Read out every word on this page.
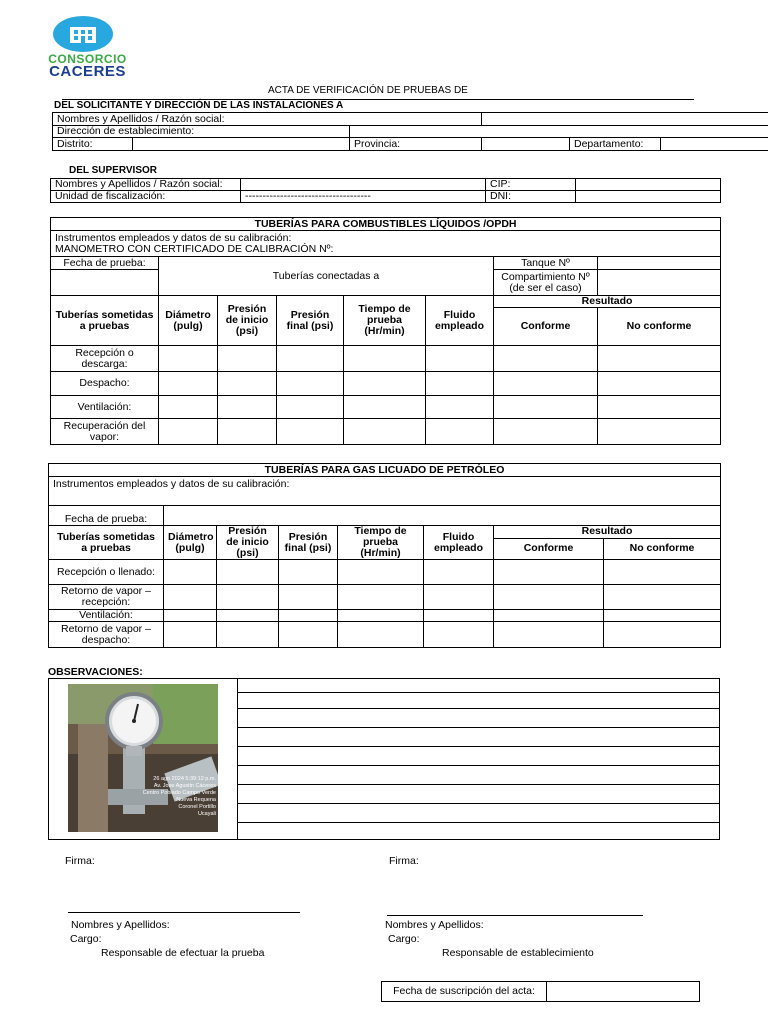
CONSORCIO
CACERES
ACTA DE VERIFICACIÓN DE PRUEBAS DE
DEL SOLICITANTE Y DIRECCIÓN DE LAS INSTALACIONES A
Nombres y Apellidos / Razón social:					
Dirección de establecimiento:					
Distrito:		Provincia:		Departamento:	
DEL SUPERVISOR
Nombres y Apellidos / Razón social:		CIP:	
Unidad de fiscalización:	------------------------------------	DNI:	
TUBERÍAS PARA COMBUSTIBLES LÍQUIDOS /OPDH							

Instrumentos empleados y datos de su calibración:
MANOMETRO CON CERTIFICADO DE CALIBRACIÓN Nº:							

Fecha de prueba:	Tuberías conectadas a					Tanque Nº	
						Compartimiento Nº (de ser el caso)	
Tuberías sometidas a pruebas	Diámetro (pulg)	Presión de inicio (psi)	Presión final (psi)	Tiempo de prueba (Hr/min)	Fluido empleado	Resultado	
						Conforme	No conforme
Recepción o descarga:							
Despacho:							
Ventilación:							
Recuperación del vapor:							
TUBERÍAS PARA GAS LICUADO DE PETRÓLEO							
Instrumentos empleados y datos de su calibración:							
Fecha de prueba:							
Tuberías sometidas a pruebas	Diámetro (pulg)	Presión de inicio (psi)	Presión final (psi)	Tiempo de prueba (Hr/min)	Fluido empleado	Resultado	
						Conforme	No conforme
Recepción o llenado:							
Retorno de vapor – recepción:							
Ventilación:							
Retorno de vapor – despacho:							
OBSERVACIONES:
26 ago 2024 5:39:12 p.m.
Av. Jose Agustin Cáceres
Centro Poblado Campo Verde
Nueva Requena
Coronel Portillo
Ucayali
Firma:	Firma:
Nombres y Apellidos:
Cargo:
Responsable de efectuar la prueba
Nombres y Apellidos:
Cargo:
Responsable de establecimiento
Fecha de suscripción del acta:	
